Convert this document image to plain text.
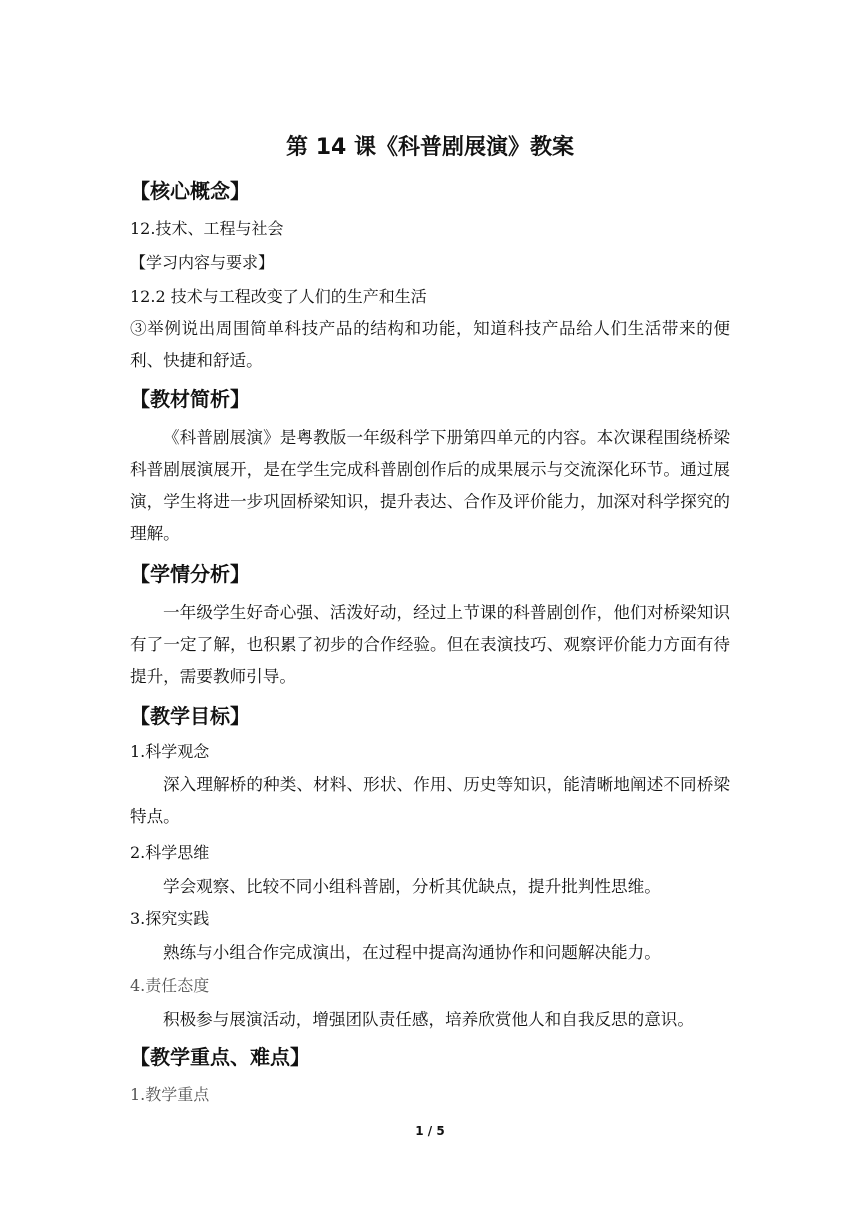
第 14 课《科普剧展演》教案
【核心概念】
12.技术、工程与社会
【学习内容与要求】
12.2 技术与工程改变了人们的生产和生活
③举例说出周围简单科技产品的结构和功能，知道科技产品给人们生活带来的便利、快捷和舒适。
【教材简析】
《科普剧展演》是粤教版一年级科学下册第四单元的内容。本次课程围绕桥梁科普剧展演展开，是在学生完成科普剧创作后的成果展示与交流深化环节。通过展演，学生将进一步巩固桥梁知识，提升表达、合作及评价能力，加深对科学探究的理解。
【学情分析】
一年级学生好奇心强、活泼好动，经过上节课的科普剧创作，他们对桥梁知识有了一定了解，也积累了初步的合作经验。但在表演技巧、观察评价能力方面有待提升，需要教师引导。
【教学目标】
1.科学观念
深入理解桥的种类、材料、形状、作用、历史等知识，能清晰地阐述不同桥梁特点。
2.科学思维
学会观察、比较不同小组科普剧，分析其优缺点，提升批判性思维。
3.探究实践
熟练与小组合作完成演出，在过程中提高沟通协作和问题解决能力。
4.责任态度
积极参与展演活动，增强团队责任感，培养欣赏他人和自我反思的意识。
【教学重点、难点】
1.教学重点
1 / 5
